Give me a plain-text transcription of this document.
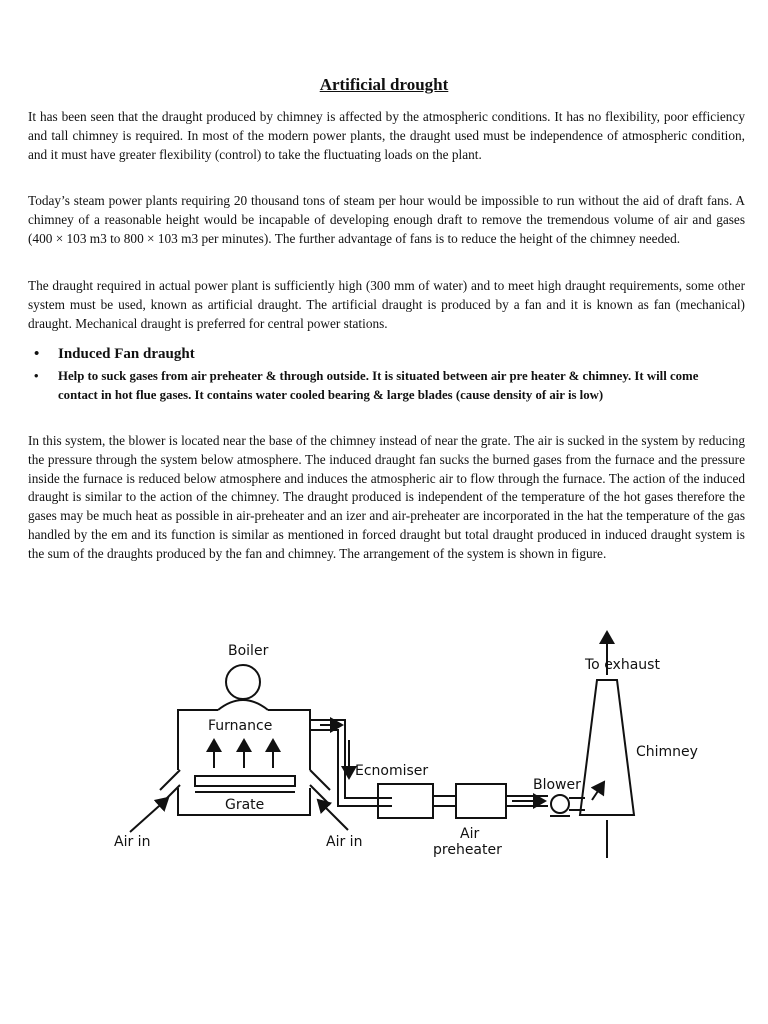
Artificial drought

It has been seen that the draught produced by chimney is affected by the atmospheric conditions. It has no flexibility, poor efficiency and tall chimney is required. In most of the modern power plants, the draught used must be independence of atmospheric condition, and it must have greater flexibility (control) to take the fluctuating loads on the plant.

Today’s steam power plants requiring 20 thousand tons of steam per hour would be impossible to run without the aid of draft fans. A chimney of a reasonable height would be incapable of developing enough draft to remove the tremendous volume of air and gases (400 × 103 m3 to 800 × 103 m3 per minutes). The further advantage of fans is to reduce the height of the chimney needed.

The draught required in actual power plant is sufficiently high (300 mm of water) and to meet high draught requirements, some other system must be used, known as artificial draught. The artificial draught is produced by a fan and it is known as fan (mechanical) draught. Mechanical draught is preferred for central power stations.

• Induced Fan draught
• Help to suck gases from air preheater & through outside. It is situated between air pre heater & chimney. It will come contact in hot flue gases. It contains water cooled bearing & large blades (cause density of air is low)

In this system, the blower is located near the base of the chimney instead of near the grate. The air is sucked in the system by reducing the pressure through the system below atmosphere. The induced draught fan sucks the burned gases from the furnace and the pressure inside the furnace is reduced below atmosphere and induces the atmospheric air to flow through the furnace. The action of the induced draught is similar to the action of the chimney. The draught produced is independent of the temperature of the hot gases therefore the gases may be much heat as possible in air-preheater and an izer and air-preheater are incorporated in the hat the temperature of the gas handled by the em and its function is similar as mentioned in forced draught but total draught produced in induced draught system is the sum of the draughts produced by the fan and chimney. The arrangement of the system is shown in figure.

Boiler
Furnance
Grate
Air in	Air in
Ecnomiser
Air
preheater
Blower
Chimney
To exhaust
